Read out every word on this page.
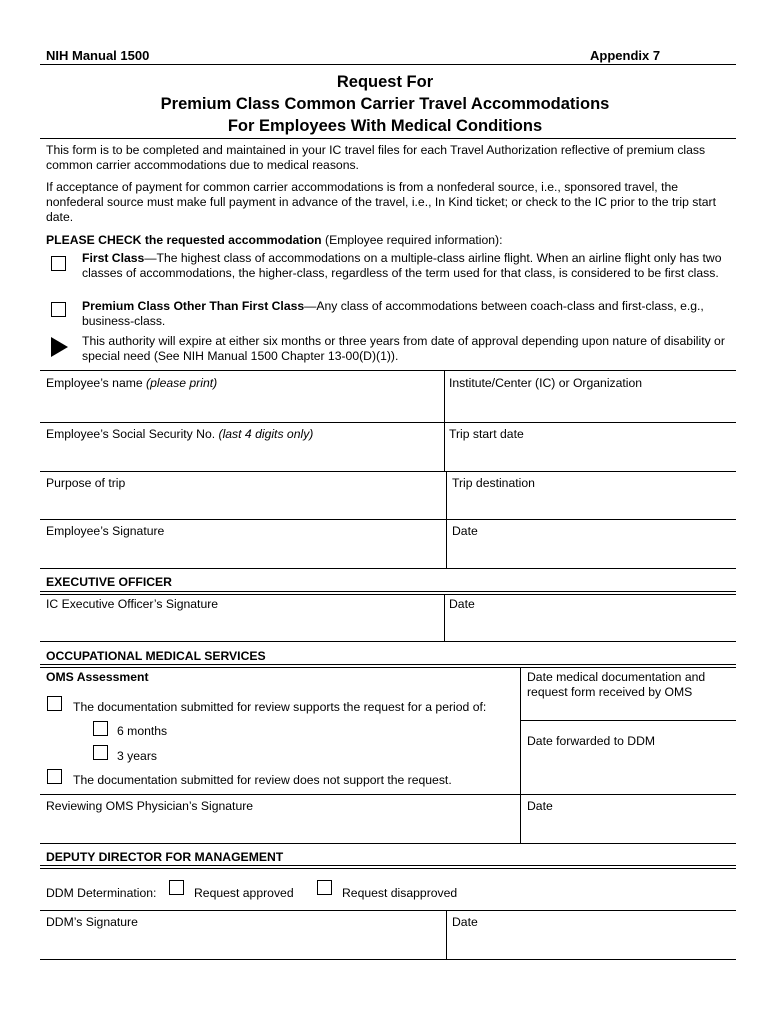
NIH Manual 1500	Appendix 7
Request For
Premium Class Common Carrier Travel Accommodations
For Employees With Medical Conditions
This form is to be completed and maintained in your IC travel files for each Travel Authorization reflective of premium class common carrier accommodations due to medical reasons.
If acceptance of payment for common carrier accommodations is from a nonfederal source, i.e., sponsored travel, the nonfederal source must make full payment in advance of the travel, i.e., In Kind ticket; or check to the IC prior to the trip start date.
PLEASE CHECK the requested accommodation (Employee required information):
First Class—The highest class of accommodations on a multiple-class airline flight. When an airline flight only has two classes of accommodations, the higher-class, regardless of the term used for that class, is considered to be first class.
Premium Class Other Than First Class—Any class of accommodations between coach-class and first-class, e.g., business-class.
This authority will expire at either six months or three years from date of approval depending upon nature of disability or special need (See NIH Manual 1500 Chapter 13-00(D)(1)).
Employee’s name (please print)	Institute/Center (IC) or Organization
Employee’s Social Security No. (last 4 digits only)	Trip start date
Purpose of trip	Trip destination
Employee’s Signature	Date
EXECUTIVE OFFICER
IC Executive Officer’s Signature	Date
OCCUPATIONAL MEDICAL SERVICES
OMS Assessment
The documentation submitted for review supports the request for a period of:
6 months
3 years
The documentation submitted for review does not support the request.
Date medical documentation and request form received by OMS
Date forwarded to DDM
Reviewing OMS Physician’s Signature	Date
DEPUTY DIRECTOR FOR MANAGEMENT
DDM Determination:	Request approved	Request disapproved
DDM’s Signature	Date
